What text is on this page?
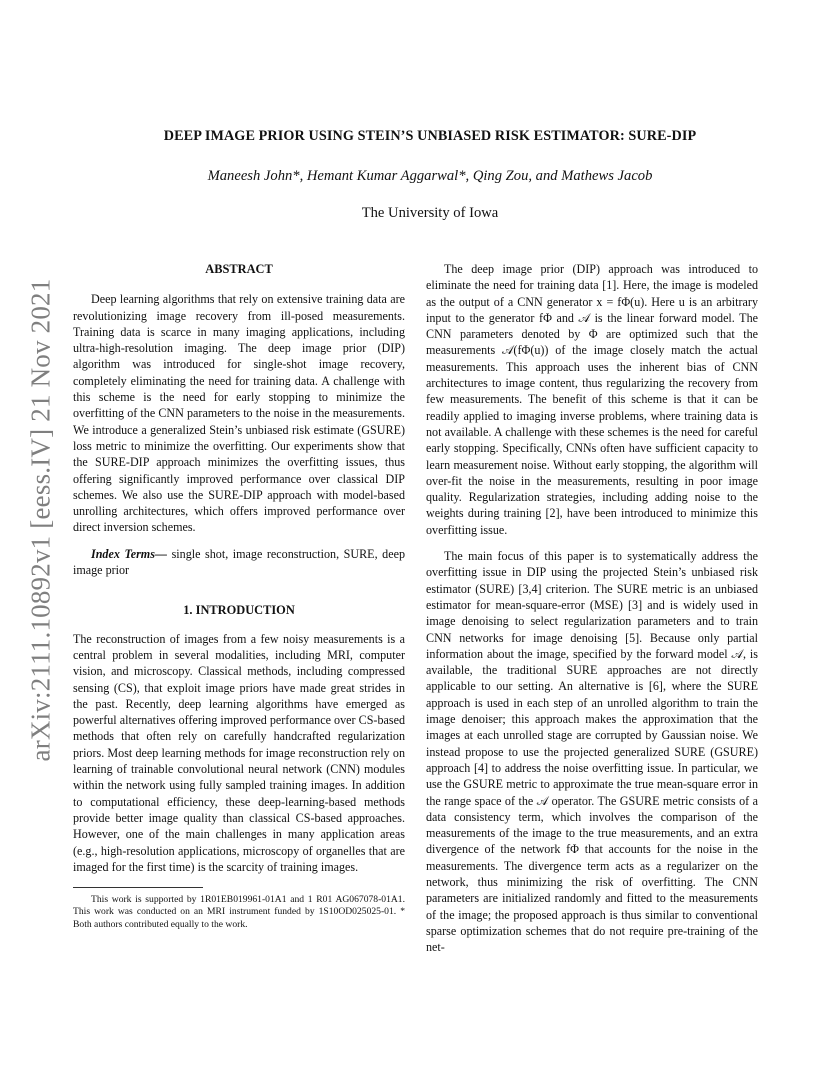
arXiv:2111.10892v1 [eess.IV] 21 Nov 2021
DEEP IMAGE PRIOR USING STEIN’S UNBIASED RISK ESTIMATOR: SURE-DIP
Maneesh John*, Hemant Kumar Aggarwal*, Qing Zou, and Mathews Jacob
The University of Iowa
ABSTRACT

Deep learning algorithms that rely on extensive training data are revolutionizing image recovery from ill-posed measurements. Training data is scarce in many imaging applications, including ultra-high-resolution imaging. The deep image prior (DIP) algorithm was introduced for single-shot image recovery, completely eliminating the need for training data. A challenge with this scheme is the need for early stopping to minimize the overfitting of the CNN parameters to the noise in the measurements. We introduce a generalized Stein’s unbiased risk estimate (GSURE) loss metric to minimize the overfitting. Our experiments show that the SURE-DIP approach minimizes the overfitting issues, thus offering significantly improved performance over classical DIP schemes. We also use the SURE-DIP approach with model-based unrolling architectures, which offers improved performance over direct inversion schemes.

Index Terms— single shot, image reconstruction, SURE, deep image prior

1. INTRODUCTION

The reconstruction of images from a few noisy measurements is a central problem in several modalities, including MRI, computer vision, and microscopy. Classical methods, including compressed sensing (CS), that exploit image priors have made great strides in the past. Recently, deep learning algorithms have emerged as powerful alternatives offering improved performance over CS-based methods that often rely on carefully handcrafted regularization priors. Most deep learning methods for image reconstruction rely on learning of trainable convolutional neural network (CNN) modules within the network using fully sampled training images. In addition to computational efficiency, these deep-learning-based methods provide better image quality than classical CS-based approaches. However, one of the main challenges in many application areas (e.g., high-resolution applications, microscopy of organelles that are imaged for the first time) is the scarcity of training images.

This work is supported by 1R01EB019961-01A1 and 1 R01 AG067078-01A1. This work was conducted on an MRI instrument funded by 1S10OD025025-01. * Both authors contributed equally to the work.

The deep image prior (DIP) approach was introduced to eliminate the need for training data [1]. Here, the image is modeled as the output of a CNN generator x = fΦ(u). Here u is an arbitrary input to the generator fΦ and 𝒜 is the linear forward model. The CNN parameters denoted by Φ are optimized such that the measurements 𝒜(fΦ(u)) of the image closely match the actual measurements. This approach uses the inherent bias of CNN architectures to image content, thus regularizing the recovery from few measurements. The benefit of this scheme is that it can be readily applied to imaging inverse problems, where training data is not available. A challenge with these schemes is the need for careful early stopping. Specifically, CNNs often have sufficient capacity to learn measurement noise. Without early stopping, the algorithm will over-fit the noise in the measurements, resulting in poor image quality. Regularization strategies, including adding noise to the weights during training [2], have been introduced to minimize this overfitting issue.

The main focus of this paper is to systematically address the overfitting issue in DIP using the projected Stein’s unbiased risk estimator (SURE) [3,4] criterion. The SURE metric is an unbiased estimator for mean-square-error (MSE) [3] and is widely used in image denoising to select regularization parameters and to train CNN networks for image denoising [5]. Because only partial information about the image, specified by the forward model 𝒜, is available, the traditional SURE approaches are not directly applicable to our setting. An alternative is [6], where the SURE approach is used in each step of an unrolled algorithm to train the image denoiser; this approach makes the approximation that the images at each unrolled stage are corrupted by Gaussian noise. We instead propose to use the projected generalized SURE (GSURE) approach [4] to address the noise overfitting issue. In particular, we use the GSURE metric to approximate the true mean-square error in the range space of the 𝒜 operator. The GSURE metric consists of a data consistency term, which involves the comparison of the measurements of the image to the true measurements, and an extra divergence of the network fΦ that accounts for the noise in the measurements. The divergence term acts as a regularizer on the network, thus minimizing the risk of overfitting. The CNN parameters are initialized randomly and fitted to the measurements of the image; the proposed approach is thus similar to conventional sparse optimization schemes that do not require pre-training of the net-
